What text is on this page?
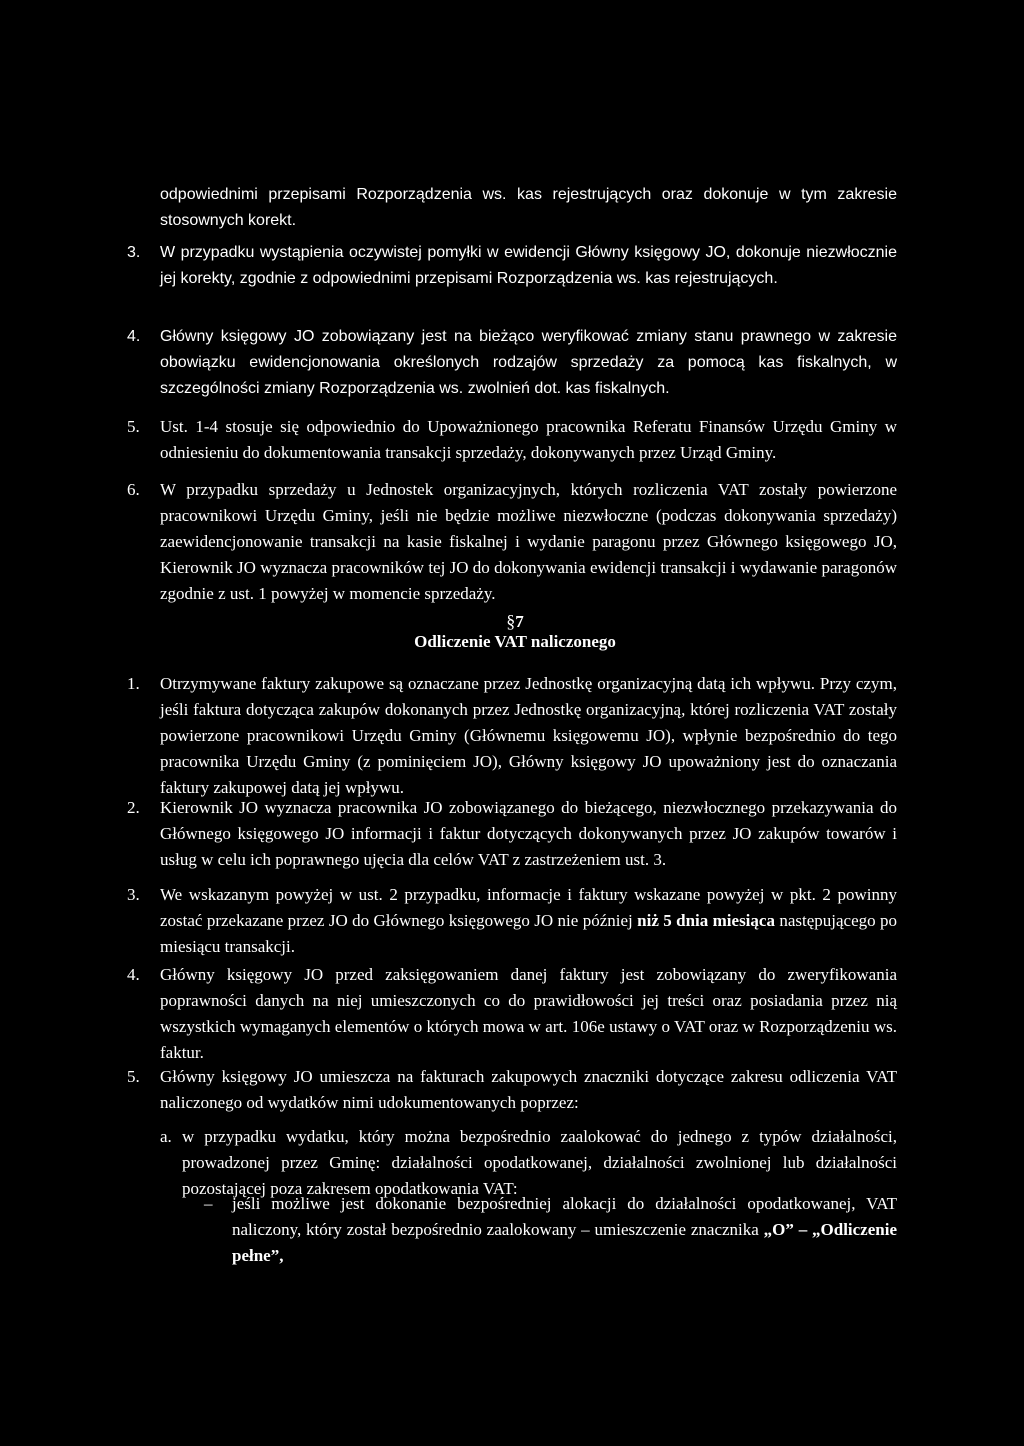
odpowiednimi przepisami Rozporządzenia ws. kas rejestrujących oraz dokonuje w tym zakresie stosownych korekt.
3. W przypadku wystąpienia oczywistej pomyłki w ewidencji Główny księgowy JO, dokonuje niezwłocznie jej korekty, zgodnie z odpowiednimi przepisami Rozporządzenia ws. kas rejestrujących.
4. Główny księgowy JO zobowiązany jest na bieżąco weryfikować zmiany stanu prawnego w zakresie obowiązku ewidencjonowania określonych rodzajów sprzedaży za pomocą kas fiskalnych, w szczególności zmiany Rozporządzenia ws. zwolnień dot. kas fiskalnych.
5. Ust. 1-4 stosuje się odpowiednio do Upoważnionego pracownika Referatu Finansów Urzędu Gminy w odniesieniu do dokumentowania transakcji sprzedaży, dokonywanych przez Urząd Gminy.
6. W przypadku sprzedaży u Jednostek organizacyjnych, których rozliczenia VAT zostały powierzone pracownikowi Urzędu Gminy, jeśli nie będzie możliwe niezwłoczne (podczas dokonywania sprzedaży) zaewidencjonowanie transakcji na kasie fiskalnej i wydanie paragonu przez Głównego księgowego JO, Kierownik JO wyznacza pracowników tej JO do dokonywania ewidencji transakcji i wydawanie paragonów zgodnie z ust. 1 powyżej w momencie sprzedaży.
§7
Odliczenie VAT naliczonego
1. Otrzymywane faktury zakupowe są oznaczane przez Jednostkę organizacyjną datą ich wpływu. Przy czym, jeśli faktura dotycząca zakupów dokonanych przez Jednostkę organizacyjną, której rozliczenia VAT zostały powierzone pracownikowi Urzędu Gminy (Głównemu księgowemu JO), wpłynie bezpośrednio do tego pracownika Urzędu Gminy (z pominięciem JO), Główny księgowy JO upoważniony jest do oznaczania faktury zakupowej datą jej wpływu.
2. Kierownik JO wyznacza pracownika JO zobowiązanego do bieżącego, niezwłocznego przekazywania do Głównego księgowego JO informacji i faktur dotyczących dokonywanych przez JO zakupów towarów i usług w celu ich poprawnego ujęcia dla celów VAT z zastrzeżeniem ust. 3.
3. We wskazanym powyżej w ust. 2 przypadku, informacje i faktury wskazane powyżej w pkt. 2 powinny zostać przekazane przez JO do Głównego księgowego JO nie później niż 5 dnia miesiąca następującego po miesiącu transakcji.
4. Główny księgowy JO przed zaksięgowaniem danej faktury jest zobowiązany do zweryfikowania poprawności danych na niej umieszczonych co do prawidłowości jej treści oraz posiadania przez nią wszystkich wymaganych elementów o których mowa w art. 106e ustawy o VAT oraz w Rozporządzeniu ws. faktur.
5. Główny księgowy JO umieszcza na fakturach zakupowych znaczniki dotyczące zakresu odliczenia VAT naliczonego od wydatków nimi udokumentowanych poprzez:
a. w przypadku wydatku, który można bezpośrednio zaalokować do jednego z typów działalności, prowadzonej przez Gminę: działalności opodatkowanej, działalności zwolnionej lub działalności pozostającej poza zakresem opodatkowania VAT:
– jeśli możliwe jest dokonanie bezpośredniej alokacji do działalności opodatkowanej, VAT naliczony, który został bezpośrednio zaalokowany – umieszczenie znacznika „O” – „Odliczenie pełne”,
